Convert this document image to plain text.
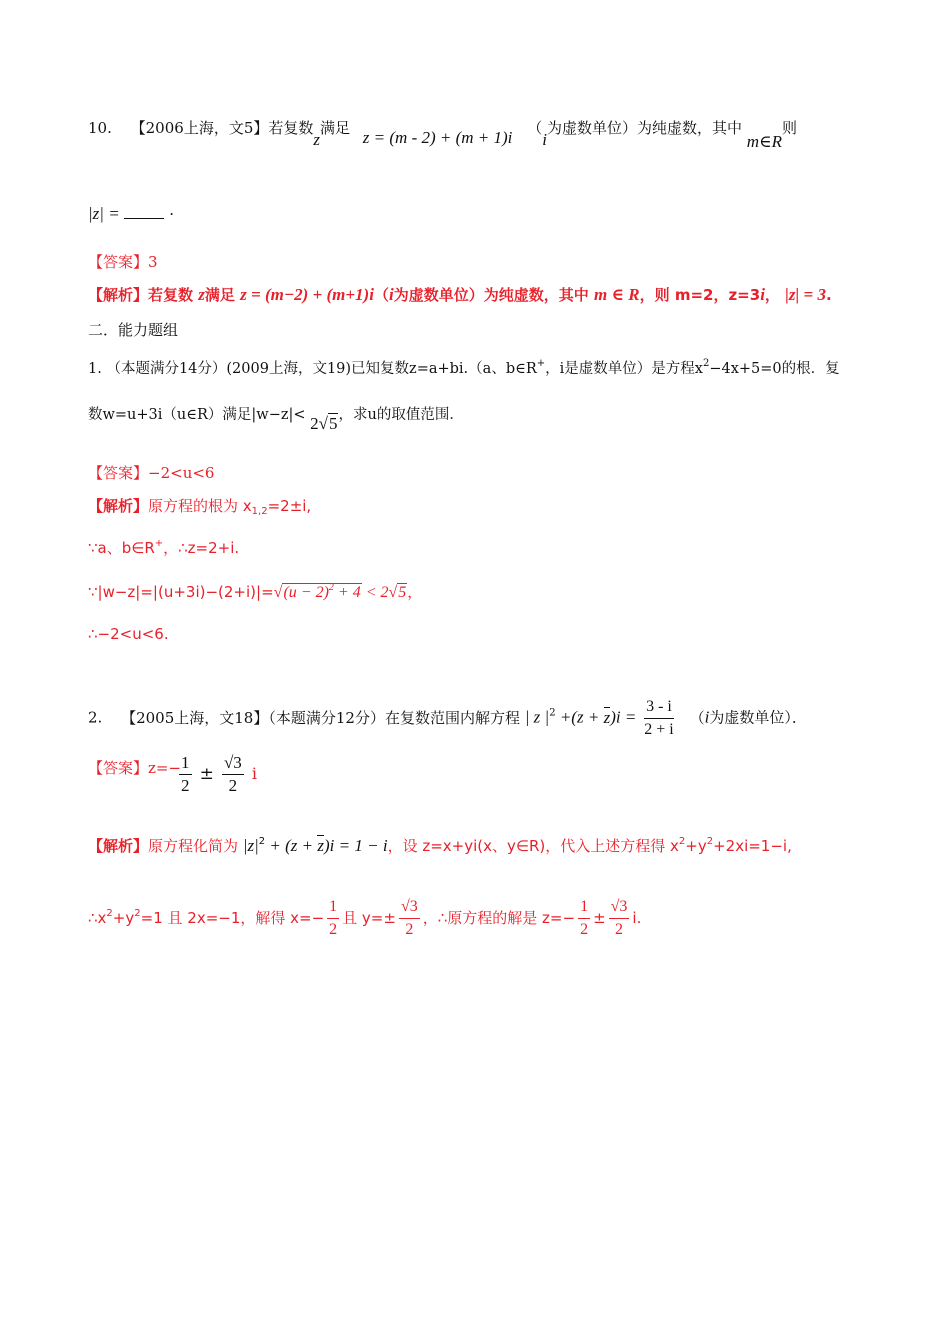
10. 【2006上海，文5】若复数z满足 z = (m - 2) + (m + 1)i （i为虚数单位）为纯虚数，其中 m∈R则
|z| =	·
【答案】3
【解析】若复数 z满足 z = (m−2) + (m+1)i（i为虚数单位）为纯虚数，其中 m ∈ R，则 m=2，z=3i， |z| = 3.
二．能力题组
1. （本题满分14分）(2009上海，文19)已知复数z=a+bi.（a、b∈R+，i是虚数单位）是方程$x^2-4x+5=0$的根．复
数w=u+3i（u∈R）满足|w−z|< 2√5，求u的取值范围．
【答案】−2<u<6
【解析】原方程的根为 $x_{1,2}=2\pm i$,
∵a、b∈R+，∴z=2+i.
∵|w−z|=|(u+3i)−(2+i)|=√(u − 2)$^2$ + 4 < 2√5，
∴−2<u<6.
2. 【2005上海，文18】（本题满分12分）在复数范围内解方程 | z $|^2 +(z + z)i = \frac{3 - i}{2 + i} (i$为虚数单位）．
【答案】z=−
$\frac{1}{2} \pm \frac{√3}{2}$ i
【解析】原方程化简为 $|z|^2 + (z + z)i = 1 - i$，设 z=x+yi(x、y∈R)，代入上述方程得 $x^2+y^2+2xi=1-i$,
$\therefore x^2+y^2=1$ 且 2x=−1，解得 $x=- \frac{1}{2}$ 且 $y=\pm \frac{√3}{2}$ ，∴原方程的解是 $z=- \frac{1}{2} \pm \frac{√3}{2} i$.
